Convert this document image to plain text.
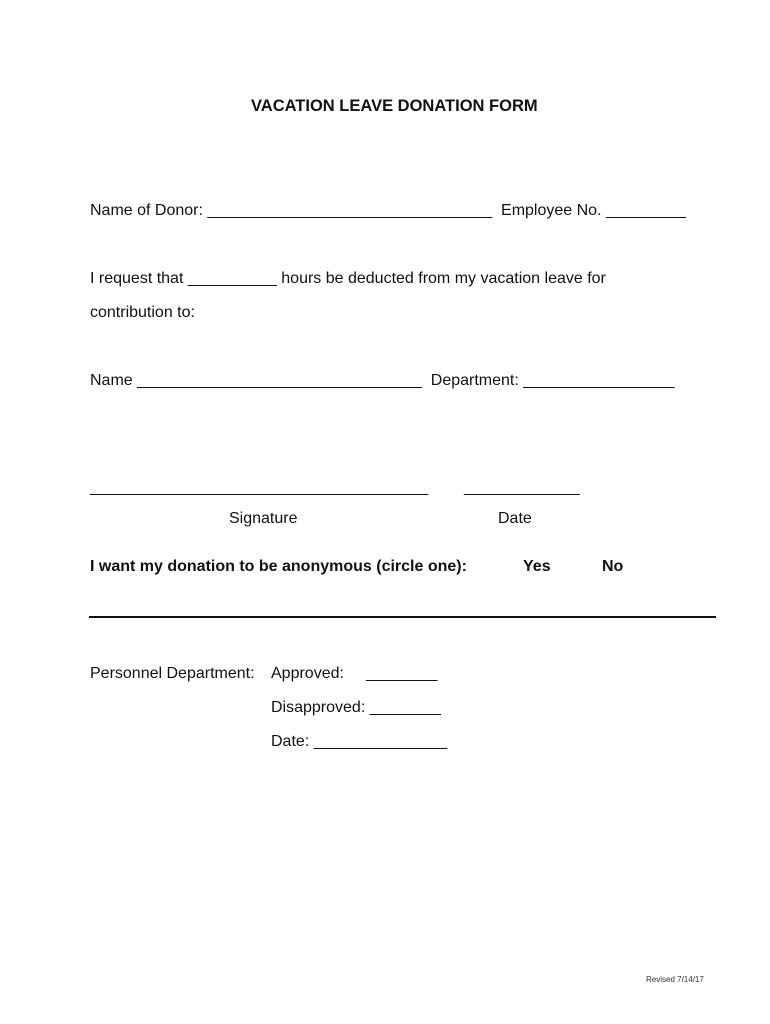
VACATION LEAVE DONATION FORM
Name of Donor: ________________________________  Employee No. _________
I request that __________ hours be deducted from my vacation leave for
contribution to:
Name ________________________________  Department: _________________
______________________________________ _____________
Signature	Date
I want my donation to be anonymous (circle one):	Yes	No
Personnel Department: Approved:     ________
Disapproved: ________
Date: _______________
Revised 7/14/17
